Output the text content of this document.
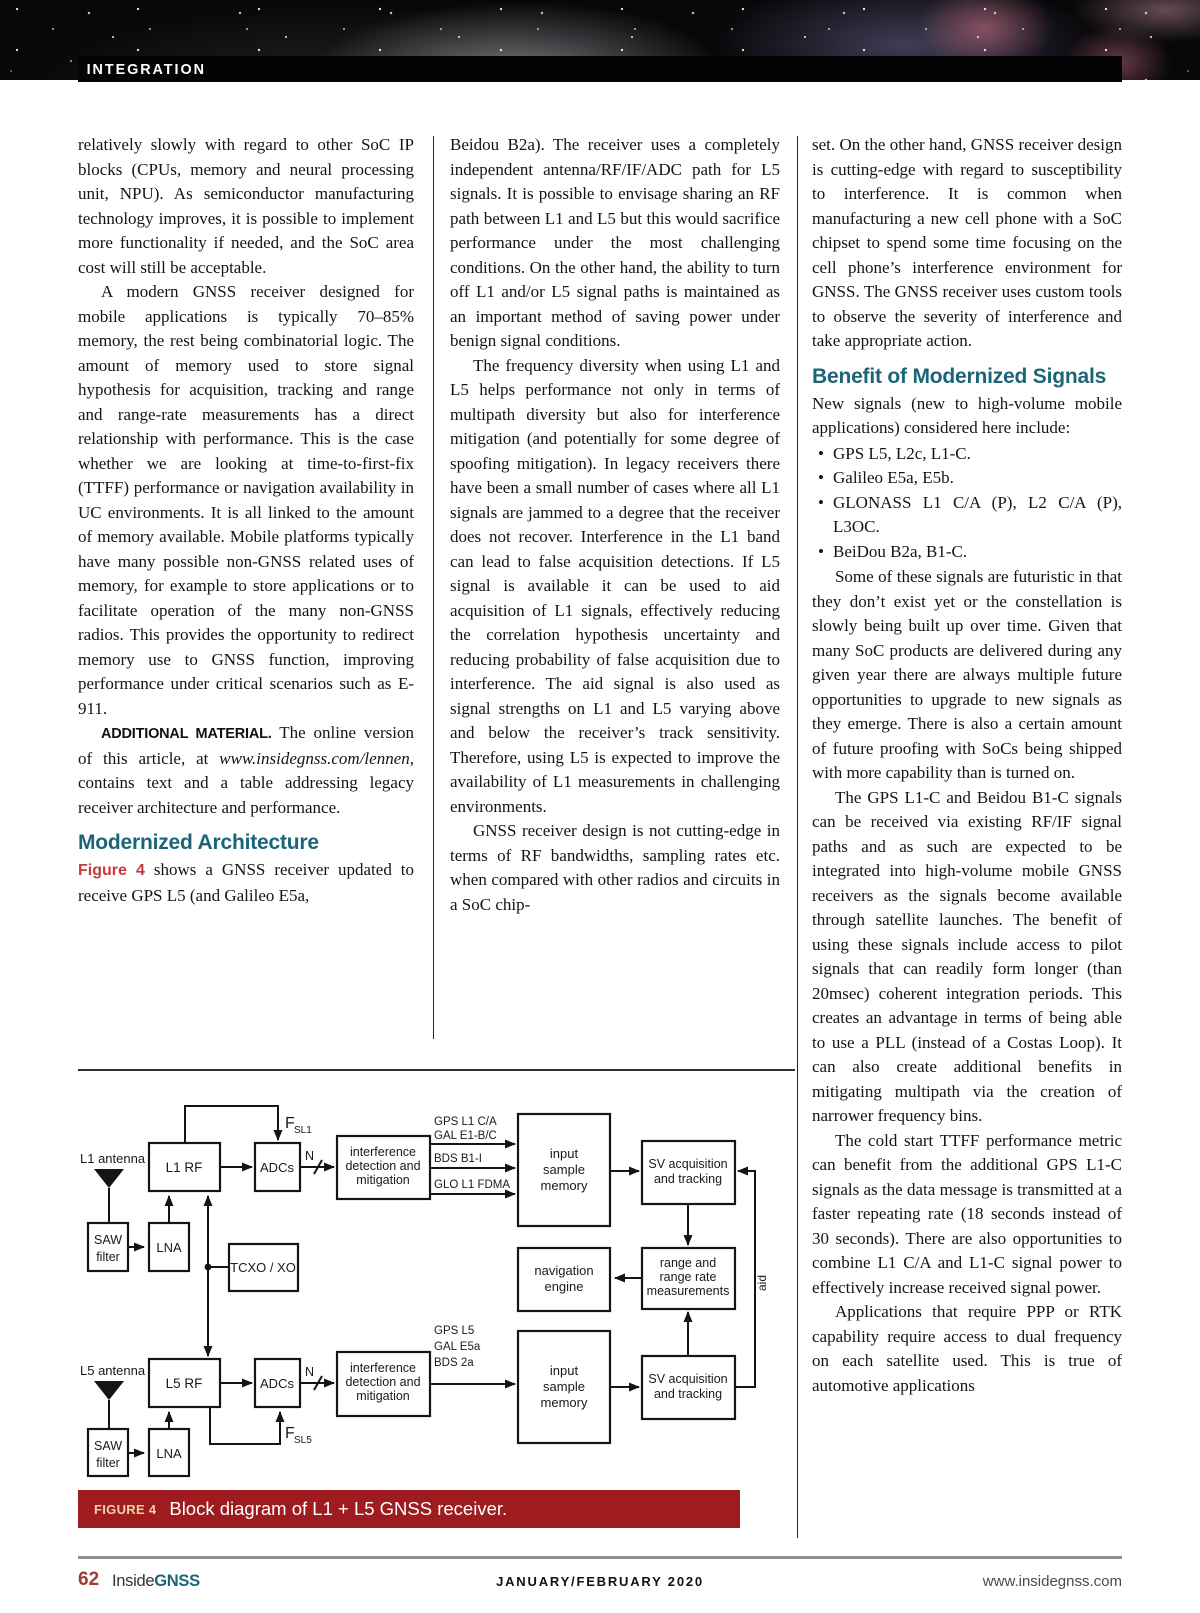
INTEGRATION

relatively slowly with regard to other SoC IP blocks (CPUs, memory and neural processing unit, NPU). As semiconductor manufacturing technology improves, it is possible to implement more functionality if needed, and the SoC area cost will still be acceptable.

A modern GNSS receiver designed for mobile applications is typically 70–85% memory, the rest being combinatorial logic. The amount of memory used to store signal hypothesis for acquisition, tracking and range and range-rate measurements has a direct relationship with performance. This is the case whether we are looking at time-to-first-fix (TTFF) performance or navigation availability in UC environments. It is all linked to the amount of memory available. Mobile platforms typically have many possible non-GNSS related uses of memory, for example to store applications or to facilitate operation of the many non-GNSS radios. This provides the opportunity to redirect memory use to GNSS function, improving performance under critical scenarios such as E-911.

ADDITIONAL MATERIAL. The online version of this article, at www.insidegnss.com/lennen, contains text and a table addressing legacy receiver architecture and performance.

Modernized Architecture

Figure 4 shows a GNSS receiver updated to receive GPS L5 (and Galileo E5a,

Beidou B2a). The receiver uses a completely independent antenna/RF/IF/ADC path for L5 signals. It is possible to envisage sharing an RF path between L1 and L5 but this would sacrifice performance under the most challenging conditions. On the other hand, the ability to turn off L1 and/or L5 signal paths is maintained as an important method of saving power under benign signal conditions.

The frequency diversity when using L1 and L5 helps performance not only in terms of multipath diversity but also for interference mitigation (and potentially for some degree of spoofing mitigation). In legacy receivers there have been a small number of cases where all L1 signals are jammed to a degree that the receiver does not recover. Interference in the L1 band can lead to false acquisition detections. If L5 signal is available it can be used to aid acquisition of L1 signals, effectively reducing the correlation hypothesis uncertainty and reducing probability of false acquisition due to interference. The aid signal is also used as signal strengths on L1 and L5 varying above and below the receiver’s track sensitivity. Therefore, using L5 is expected to improve the availability of L1 measurements in challenging environments.

GNSS receiver design is not cutting-edge in terms of RF bandwidths, sampling rates etc. when compared with other radios and circuits in a SoC chip-

set. On the other hand, GNSS receiver design is cutting-edge with regard to susceptibility to interference. It is common when manufacturing a new cell phone with a SoC chipset to spend some time focusing on the cell phone’s interference environment for GNSS. The GNSS receiver uses custom tools to observe the severity of interference and take appropriate action.

Benefit of Modernized Signals

New signals (new to high-volume mobile applications) considered here include:

• GPS L5, L2c, L1-C.
• Galileo E5a, E5b.
• GLONASS L1 C/A (P), L2 C/A (P), L3OC.
• BeiDou B2a, B1-C.

Some of these signals are futuristic in that they don’t exist yet or the constellation is slowly being built up over time. Given that many SoC products are delivered during any given year there are always multiple future opportunities to upgrade to new signals as they emerge. There is also a certain amount of future proofing with SoCs being shipped with more capability than is turned on.

The GPS L1-C and Beidou B1-C signals can be received via existing RF/IF signal paths and as such are expected to be integrated into high-volume mobile GNSS receivers as the signals become available through satellite launches. The benefit of using these signals include access to pilot signals that can readily form longer (than 20msec) coherent integration periods. This creates an advantage in terms of being able to use a PLL (instead of a Costas Loop). It can also create additional benefits in mitigating multipath via the creation of narrower frequency bins.

The cold start TTFF performance metric can benefit from the additional GPS L1-C signals as the data message is transmitted at a faster repeating rate (18 seconds instead of 30 seconds). There are also opportunities to combine L1 C/A and L1-C signal power to effectively increase received signal power.

Applications that require PPP or RTK capability require access to dual frequency on each satellite used. This is true of automotive applications

L1 antenna
L5 antenna
SAW
filter
LNA
L1 RF	ADCs
F SL1
N	interference
detection and
mitigation
GPS L1 C/A
GAL E1-B/C
BDS B1-I
GLO L1 FDMA
input
sample
memory
SV acquisition
and tracking
range and
range rate
measurements
navigation
engine	aid
TCXO / XO
SAW
filter
LNA
L5 RF	ADCs
F SL5
N	interference
detection and
mitigation
GPS L5
GAL E5a
BDS 2a	input
sample
memory
SV acquisition
and tracking
FIGURE 4 Block diagram of L1 + L5 GNSS receiver.
62 InsideGNSS	JANUARY/FEBRUARY 2020	www.insidegnss.com
